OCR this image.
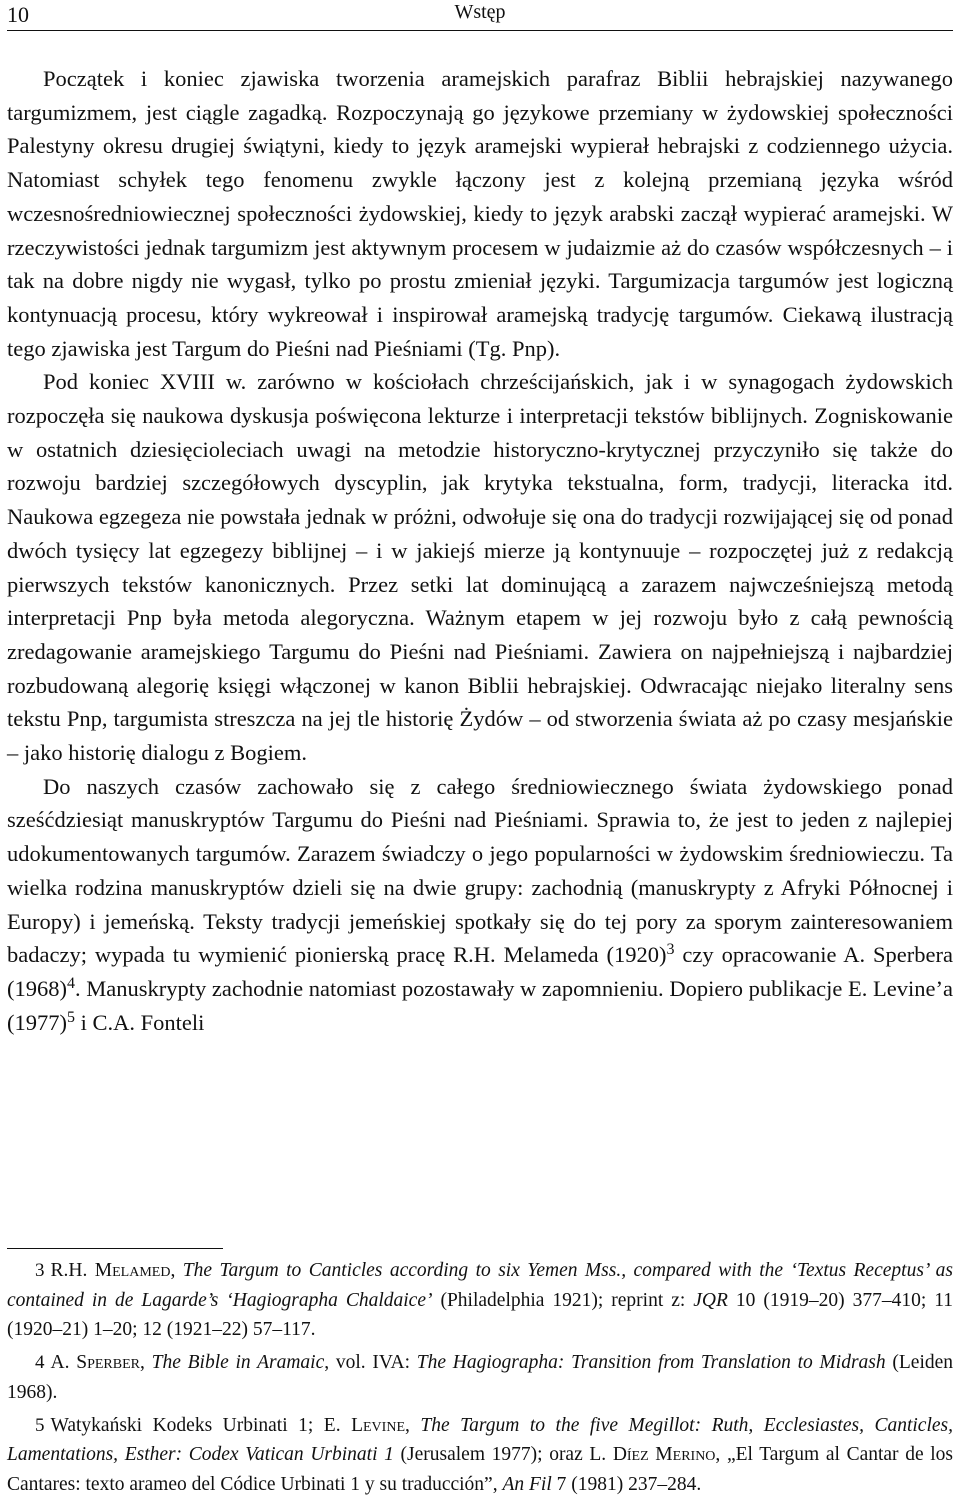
10	Wstęp

Początek i koniec zjawiska tworzenia aramejskich parafraz Biblii hebrajskiej nazywanego targumizmem, jest ciągle zagadką. Rozpoczynają go językowe przemiany w żydowskiej społeczności Palestyny okresu drugiej świątyni, kiedy to język aramejski wypierał hebrajski z codziennego użycia. Natomiast schyłek tego fenomenu zwykle łączony jest z kolejną przemianą języka wśród wczesnośredniowiecznej społeczności żydowskiej, kiedy to język arabski zaczął wypierać aramejski. W rzeczywistości jednak targumizm jest aktywnym procesem w judaizmie aż do czasów współczesnych – i tak na dobre nigdy nie wygasł, tylko po prostu zmieniał języki. Targumizacja targumów jest logiczną kontynuacją procesu, który wykreował i inspirował aramejską tradycję targumów. Ciekawą ilustracją tego zjawiska jest Targum do Pieśni nad Pieśniami (Tg. Pnp).

Pod koniec XVIII w. zarówno w kościołach chrześcijańskich, jak i w synagogach żydowskich rozpoczęła się naukowa dyskusja poświęcona lekturze i interpretacji tekstów biblijnych. Zogniskowanie w ostatnich dziesięcioleciach uwagi na metodzie historyczno-krytycznej przyczyniło się także do rozwoju bardziej szczegółowych dyscyplin, jak krytyka tekstualna, form, tradycji, literacka itd. Naukowa egzegeza nie powstała jednak w próżni, odwołuje się ona do tradycji rozwijającej się od ponad dwóch tysięcy lat egzegezy biblijnej – i w jakiejś mierze ją kontynuuje – rozpoczętej już z redakcją pierwszych tekstów kanonicznych. Przez setki lat dominującą a zarazem najwcześniejszą metodą interpretacji Pnp była metoda alegoryczna. Ważnym etapem w jej rozwoju było z całą pewnością zredagowanie aramejskiego Targumu do Pieśni nad Pieśniami. Zawiera on najpełniejszą i najbardziej rozbudowaną alegorię księgi włączonej w kanon Biblii hebrajskiej. Odwracając niejako literalny sens tekstu Pnp, targumista streszcza na jej tle historię Żydów – od stworzenia świata aż po czasy mesjańskie – jako historię dialogu z Bogiem.

Do naszych czasów zachowało się z całego średniowiecznego świata żydowskiego ponad sześćdziesiąt manuskryptów Targumu do Pieśni nad Pieśniami. Sprawia to, że jest to jeden z najlepiej udokumentowanych targumów. Zarazem świadczy o jego popularności w żydowskim średniowieczu. Ta wielka rodzina manuskryptów dzieli się na dwie grupy: zachodnią (manuskrypty z Afryki Północnej i Europy) i jemeńską. Teksty tradycji jemeńskiej spotkały się do tej pory za sporym zainteresowaniem badaczy; wypada tu wymienić pionierską pracę R.H. Melameda $(1920)^3$ czy opracowanie A. Sperbera $(1968)^4$. Manuskrypty zachodnie natomiast pozostawały w zapomnieniu. Dopiero publikacje E. Levine’a $(1977)^5$ i C.A. Fonteli

3 R.H. Melamed, The Targum to Canticles according to six Yemen Mss., compared with the ‘Textus Receptus’ as contained in de Lagarde’s ‘Hagiographa Chaldaice’ (Philadelphia 1921); reprint z: JQR 10 (1919–20) 377–410; 11 (1920–21) 1–20; 12 (1921–22) 57–117.

4 A. Sperber, The Bible in Aramaic, vol. IVA: The Hagiographa: Transition from Translation to Midrash (Leiden 1968).

5 Watykański Kodeks Urbinati 1; E. Levine, The Targum to the five Megillot: Ruth, Ecclesiastes, Canticles, Lamentations, Esther: Codex Vatican Urbinati 1 (Jerusalem 1977); oraz L. Díez Merino, „El Targum al Cantar de los Cantares: texto arameo del Códice Urbinati 1 y su traducción”, An Fil 7 (1981) 237–284.
